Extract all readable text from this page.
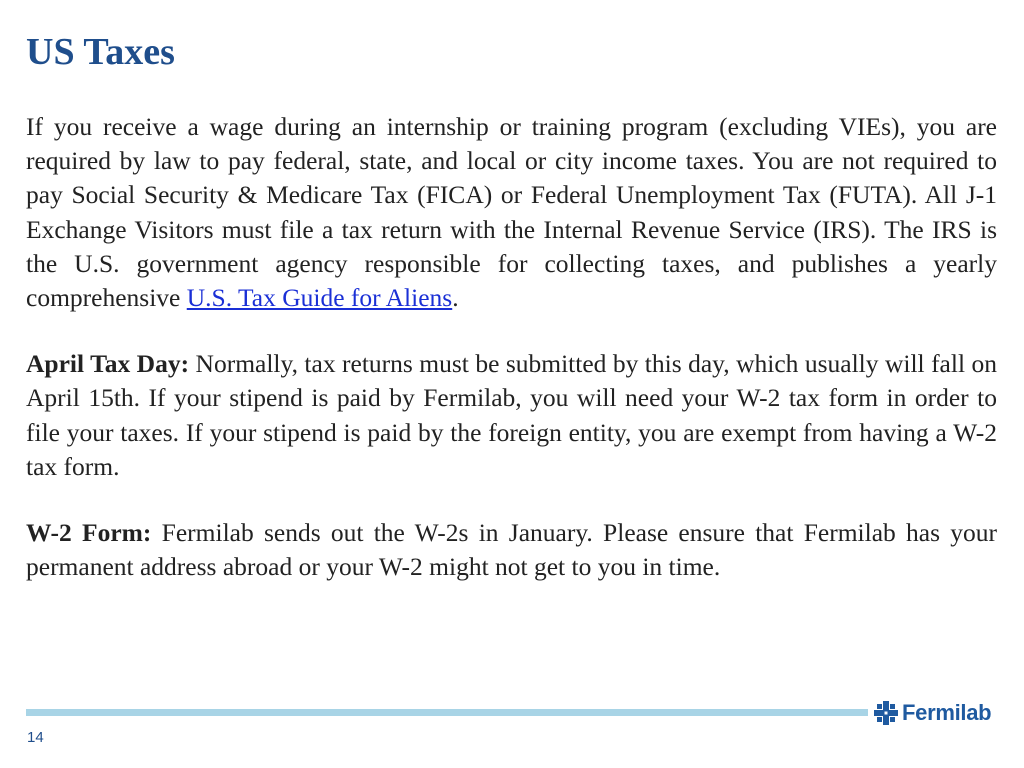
US Taxes

If you receive a wage during an internship or training program (excluding VIEs), you are required by law to pay federal, state, and local or city income taxes. You are not required to pay Social Security & Medicare Tax (FICA) or Federal Unemployment Tax (FUTA). All J-1 Exchange Visitors must file a tax return with the Internal Revenue Service (IRS). The IRS is the U.S. government agency responsible for collecting taxes, and publishes a yearly comprehensive U.S. Tax Guide for Aliens.

April Tax Day: Normally, tax returns must be submitted by this day, which usually will fall on April 15th. If your stipend is paid by Fermilab, you will need your W-2 tax form in order to file your taxes. If your stipend is paid by the foreign entity, you are exempt from having a W-2 tax form.

W-2 Form: Fermilab sends out the W-2s in January. Please ensure that Fermilab has your permanent address abroad or your W-2 might not get to you in time.

Fermilab
14
